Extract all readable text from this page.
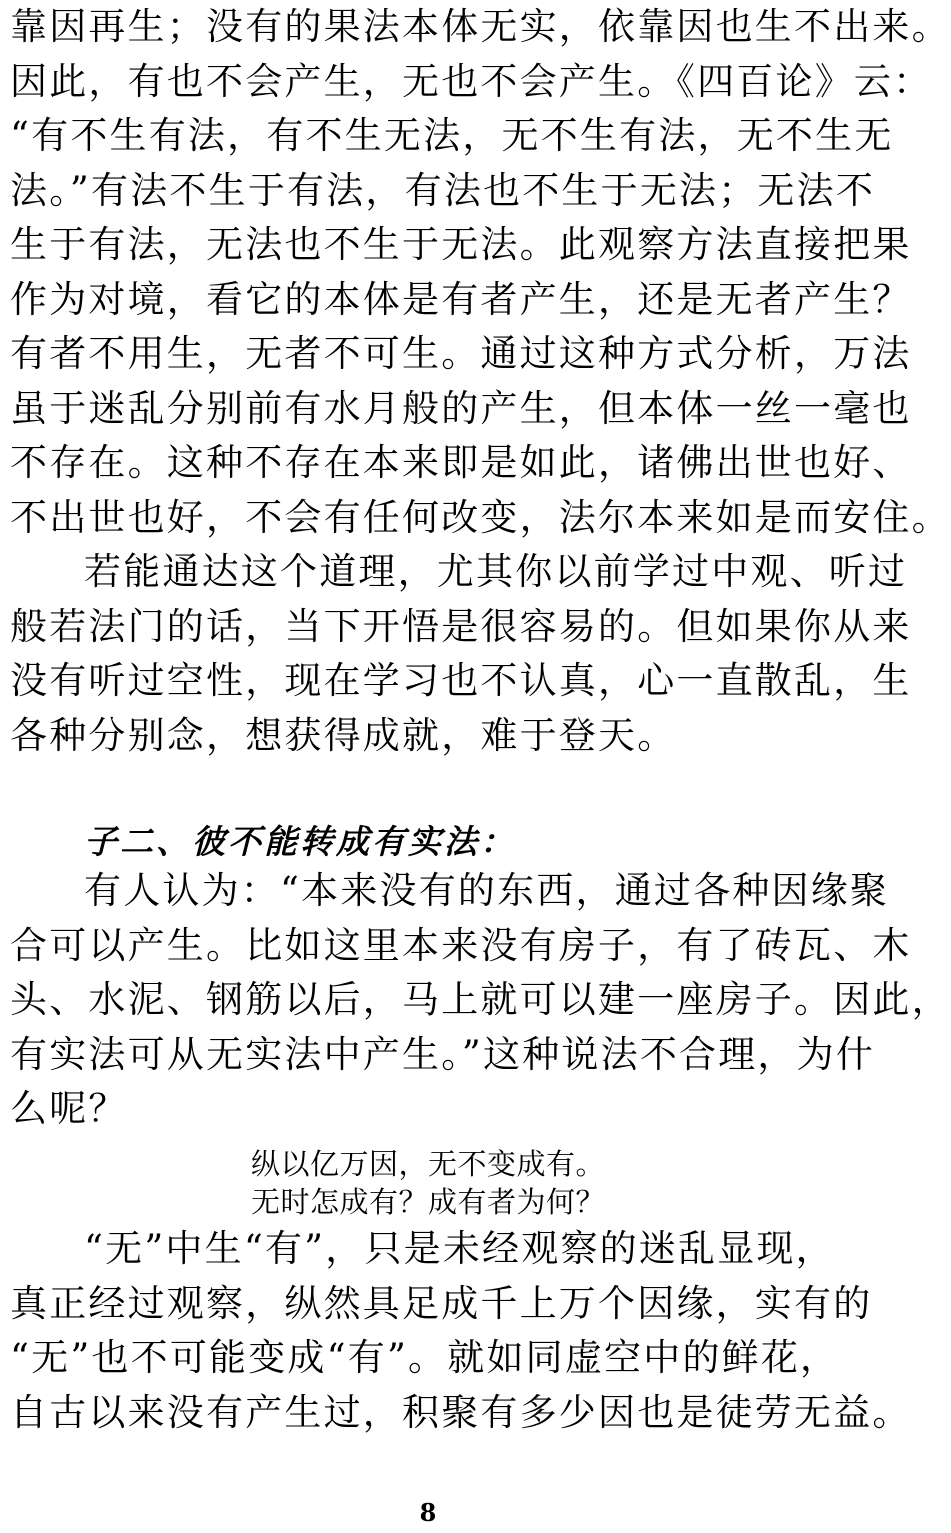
靠因再生；没有的果法本体无实，依靠因也生不出来。
因此，有也不会产生，无也不会产生。《四百论》云：
“有不生有法，有不生无法，无不生有法，无不生无
法。”有法不生于有法，有法也不生于无法；无法不
生于有法，无法也不生于无法。此观察方法直接把果
作为对境，看它的本体是有者产生，还是无者产生？
有者不用生，无者不可生。通过这种方式分析，万法
虽于迷乱分别前有水月般的产生，但本体一丝一毫也
不存在。这种不存在本来即是如此，诸佛出世也好、
不出世也好，不会有任何改变，法尔本来如是而安住。
若能通达这个道理，尤其你以前学过中观、听过
般若法门的话，当下开悟是很容易的。但如果你从来
没有听过空性，现在学习也不认真，心一直散乱，生
各种分别念，想获得成就，难于登天。
子二、彼不能转成有实法：
有人认为：“本来没有的东西，通过各种因缘聚
合可以产生。比如这里本来没有房子，有了砖瓦、木
头、水泥、钢筋以后，马上就可以建一座房子。因此，
有实法可从无实法中产生。”这种说法不合理，为什
么呢？
纵以亿万因，无不变成有。
无时怎成有？成有者为何？
“无”中生“有”，只是未经观察的迷乱显现，
真正经过观察，纵然具足成千上万个因缘，实有的
“无”也不可能变成“有”。就如同虚空中的鲜花，
自古以来没有产生过，积聚有多少因也是徒劳无益。
8
